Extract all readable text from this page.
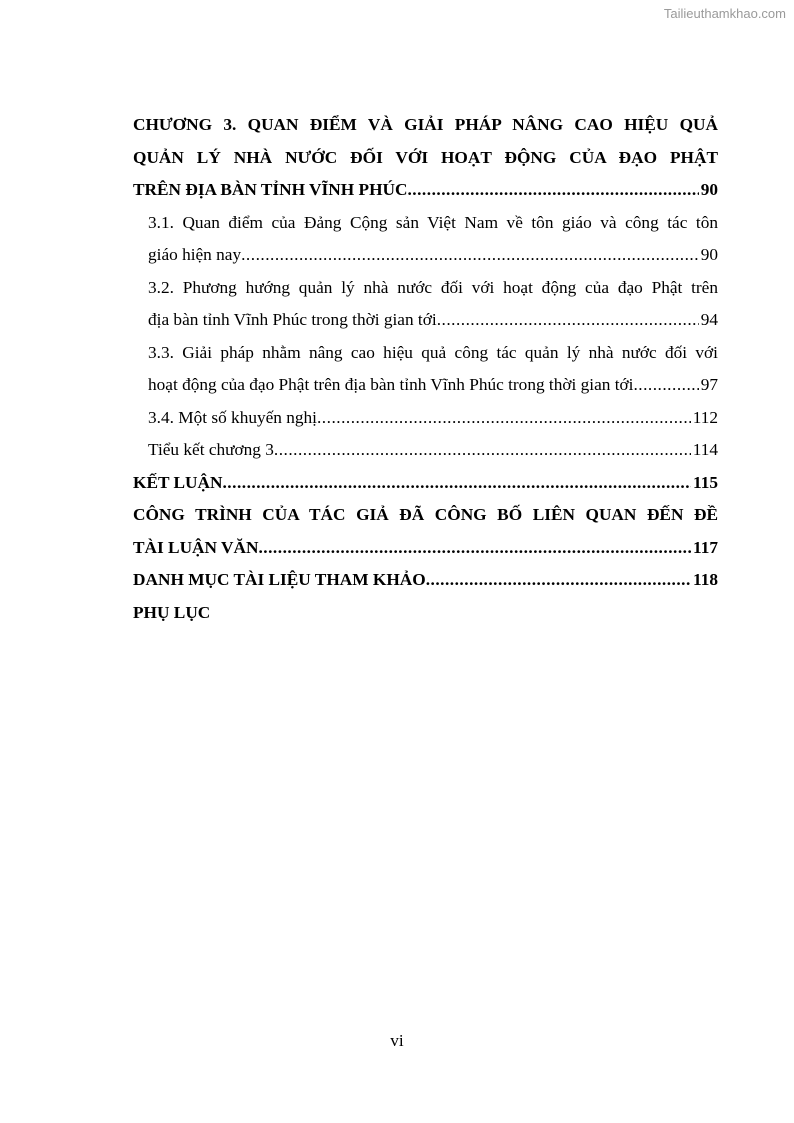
Tailieuthamkhao.com
CHƯƠNG 3. QUAN ĐIỂM VÀ GIẢI PHÁP NÂNG CAO HIỆU QUẢ
QUẢN LÝ NHÀ NƯỚC ĐỐI VỚI HOẠT ĐỘNG CỦA ĐẠO PHẬT
TRÊN ĐỊA BÀN TỈNH VĨNH PHÚC .....	90
3.1. Quan điểm của Đảng Cộng sản Việt Nam về tôn giáo và công tác tôn
giáo hiện nay .....	90
3.2. Phương hướng quản lý nhà nước đối với hoạt động của đạo Phật trên
địa bàn tỉnh Vĩnh Phúc trong thời gian tới .....	94
3.3. Giải pháp nhằm nâng cao hiệu quả công tác quản lý nhà nước đối với
hoạt động của đạo Phật trên địa bàn tỉnh Vĩnh Phúc trong thời gian tới .....	97
3.4. Một số khuyến nghị .....	112
Tiểu kết chương 3 .....	114
KẾT LUẬN .....	115
CÔNG TRÌNH CỦA TÁC GIẢ ĐÃ CÔNG BỐ LIÊN QUAN ĐẾN ĐỀ
TÀI LUẬN VĂN .....	117
DANH MỤC TÀI LIỆU THAM KHẢO .....	118
PHỤ LỤC
vi
